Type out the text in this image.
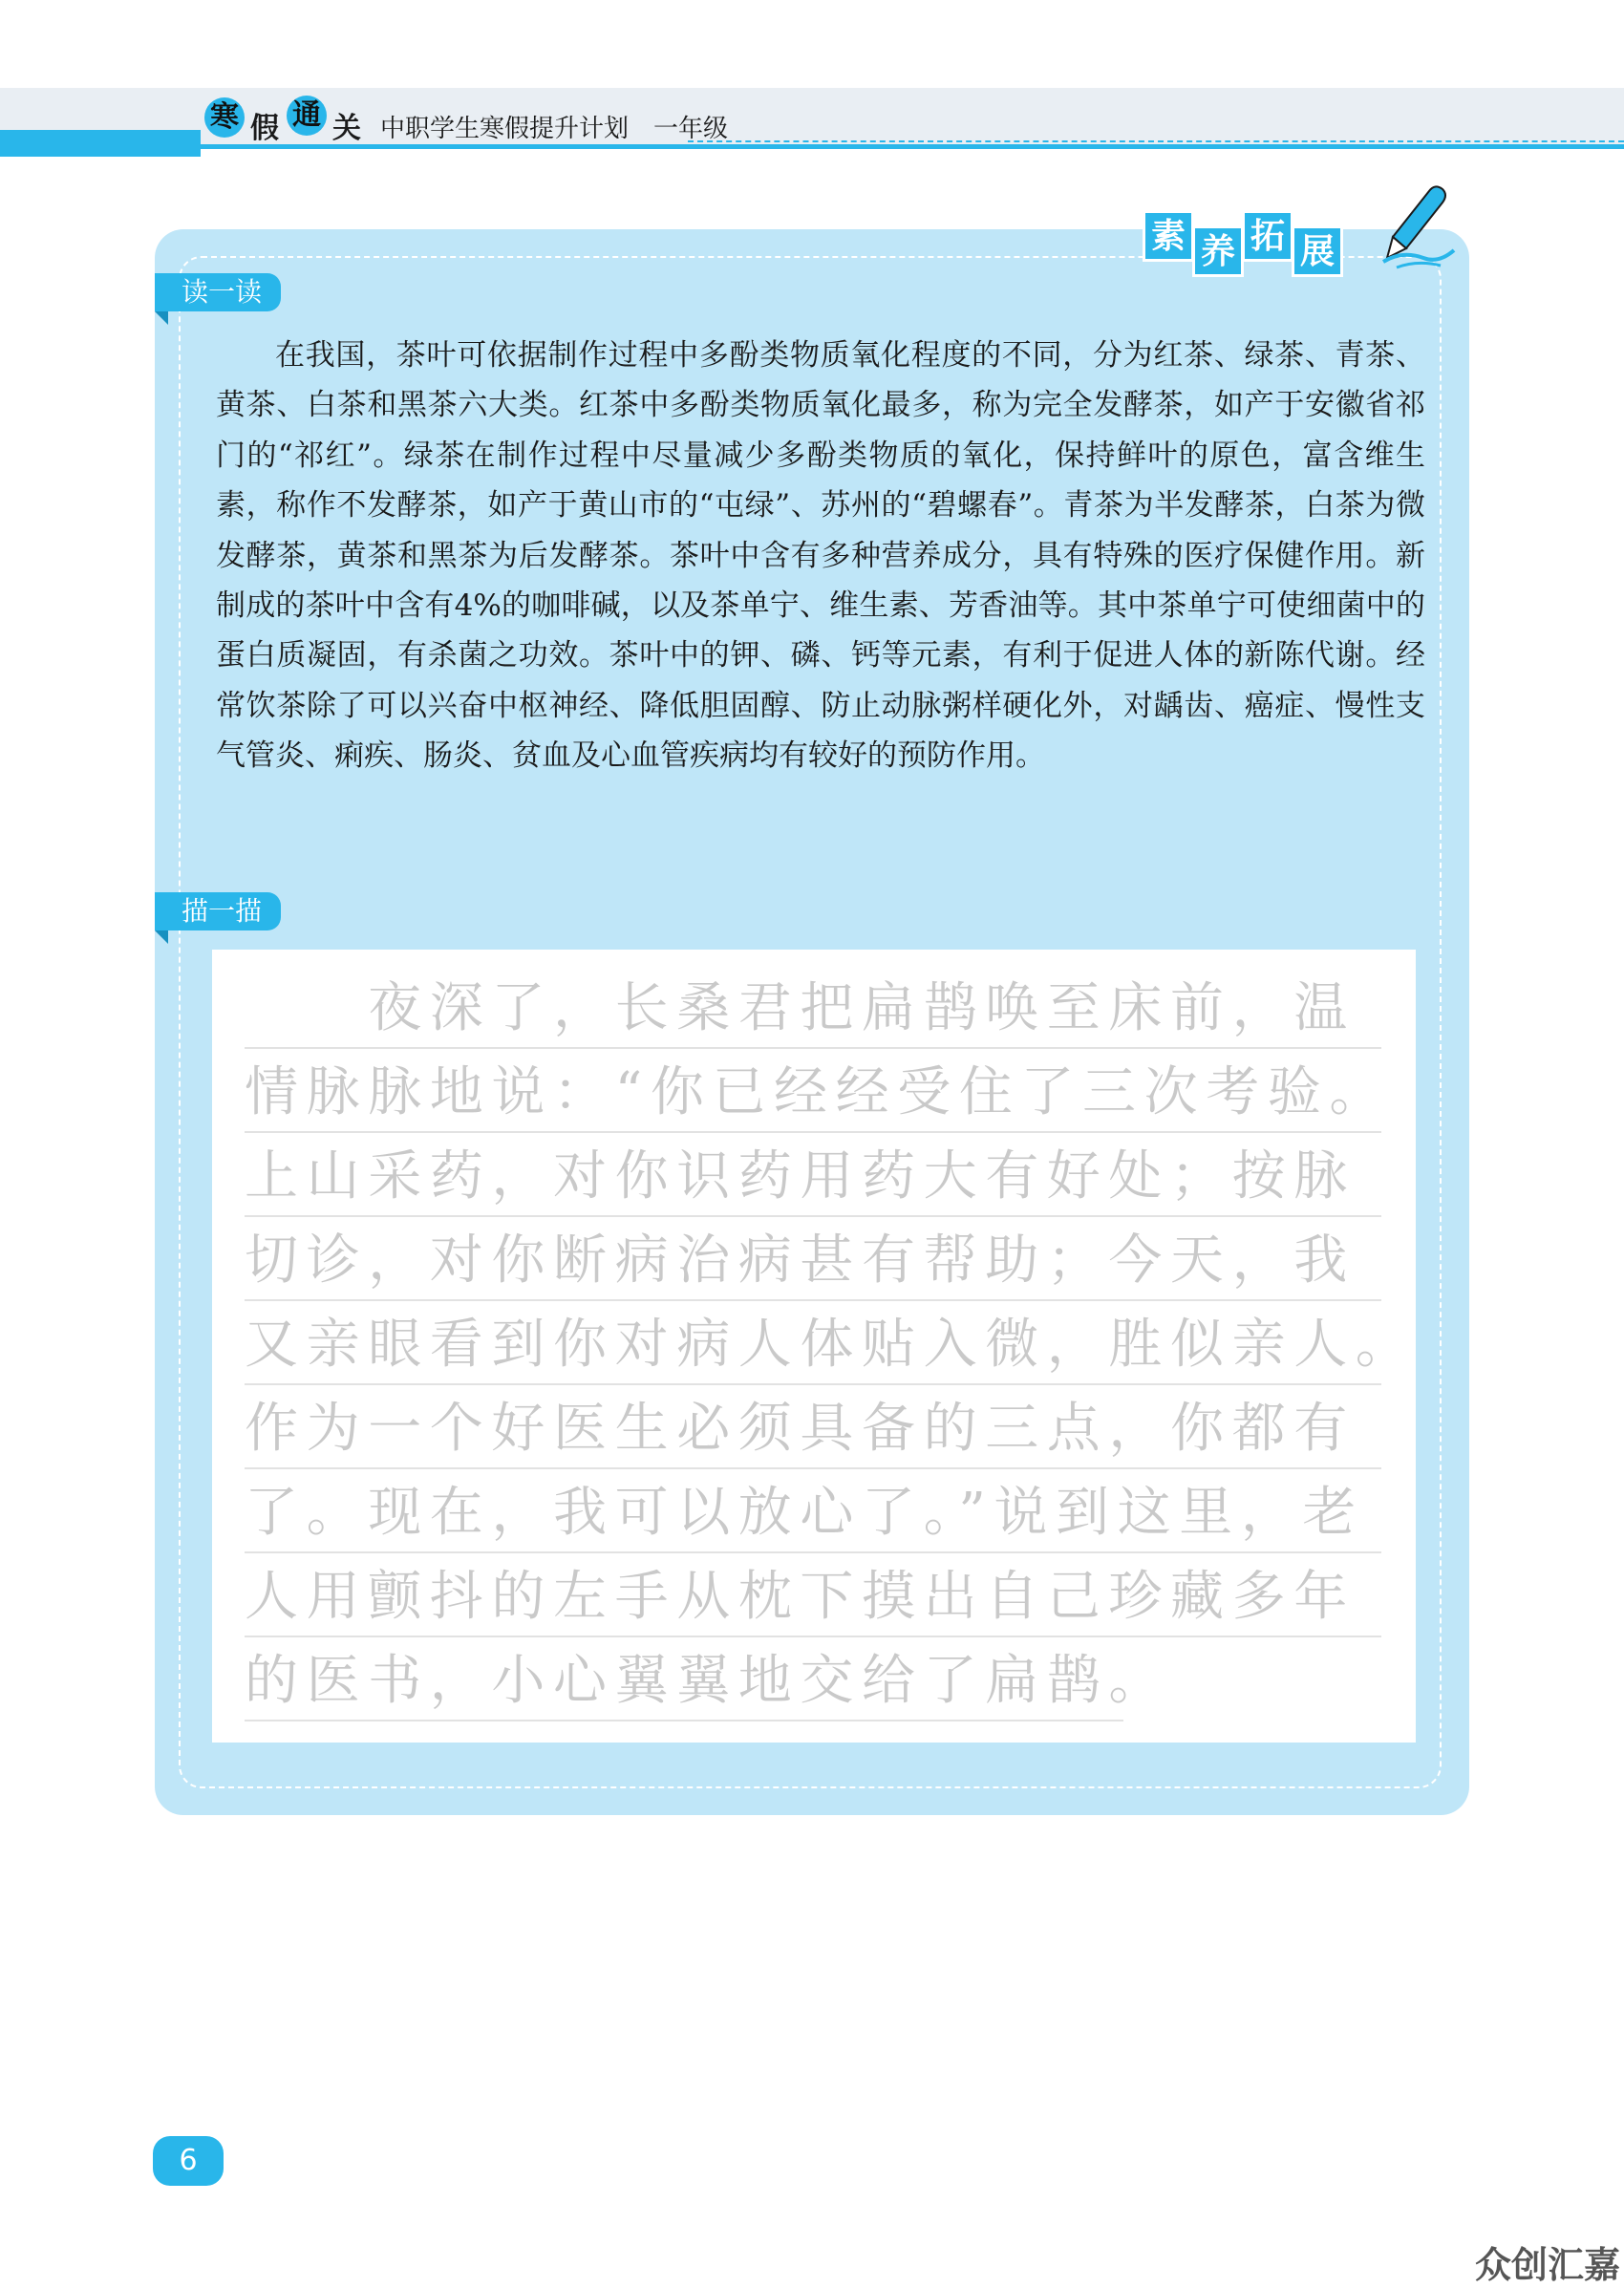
寒 假 通 关 中职学生寒假提升计划　一年级
素 养 拓 展
读一读

在我国，茶叶可依据制作过程中多酚类物质氧化程度的不同，分为红茶、绿茶、青茶、黄茶、白茶和黑茶六大类。红茶中多酚类物质氧化最多，称为完全发酵茶，如产于安徽省祁门的“祁红”。绿茶在制作过程中尽量减少多酚类物质的氧化，保持鲜叶的原色，富含维生素，称作不发酵茶，如产于黄山市的“屯绿”、苏州的“碧螺春”。青茶为半发酵茶，白茶为微发酵茶，黄茶和黑茶为后发酵茶。茶叶中含有多种营养成分，具有特殊的医疗保健作用。新制成的茶叶中含有4%的咖啡碱，以及茶单宁、维生素、芳香油等。其中茶单宁可使细菌中的蛋白质凝固，有杀菌之功效。茶叶中的钾、磷、钙等元素，有利于促进人体的新陈代谢。经常饮茶除了可以兴奋中枢神经、降低胆固醇、防止动脉粥样硬化外，对龋齿、癌症、慢性支气管炎、痢疾、肠炎、贫血及心血管疾病均有较好的预防作用。

描一描
　　夜深了，长桑君把扁鹊唤至床前，温
情脉脉地说：“你已经经受住了三次考验。
上山采药，对你识药用药大有好处；按脉
切诊，对你断病治病甚有帮助；今天，我
又亲眼看到你对病人体贴入微，胜似亲人。
作为一个好医生必须具备的三点，你都有
了。现在，我可以放心了。”说到这里，老
人用颤抖的左手从枕下摸出自己珍藏多年
的医书，小心翼翼地交给了扁鹊。
6
众创汇嘉
